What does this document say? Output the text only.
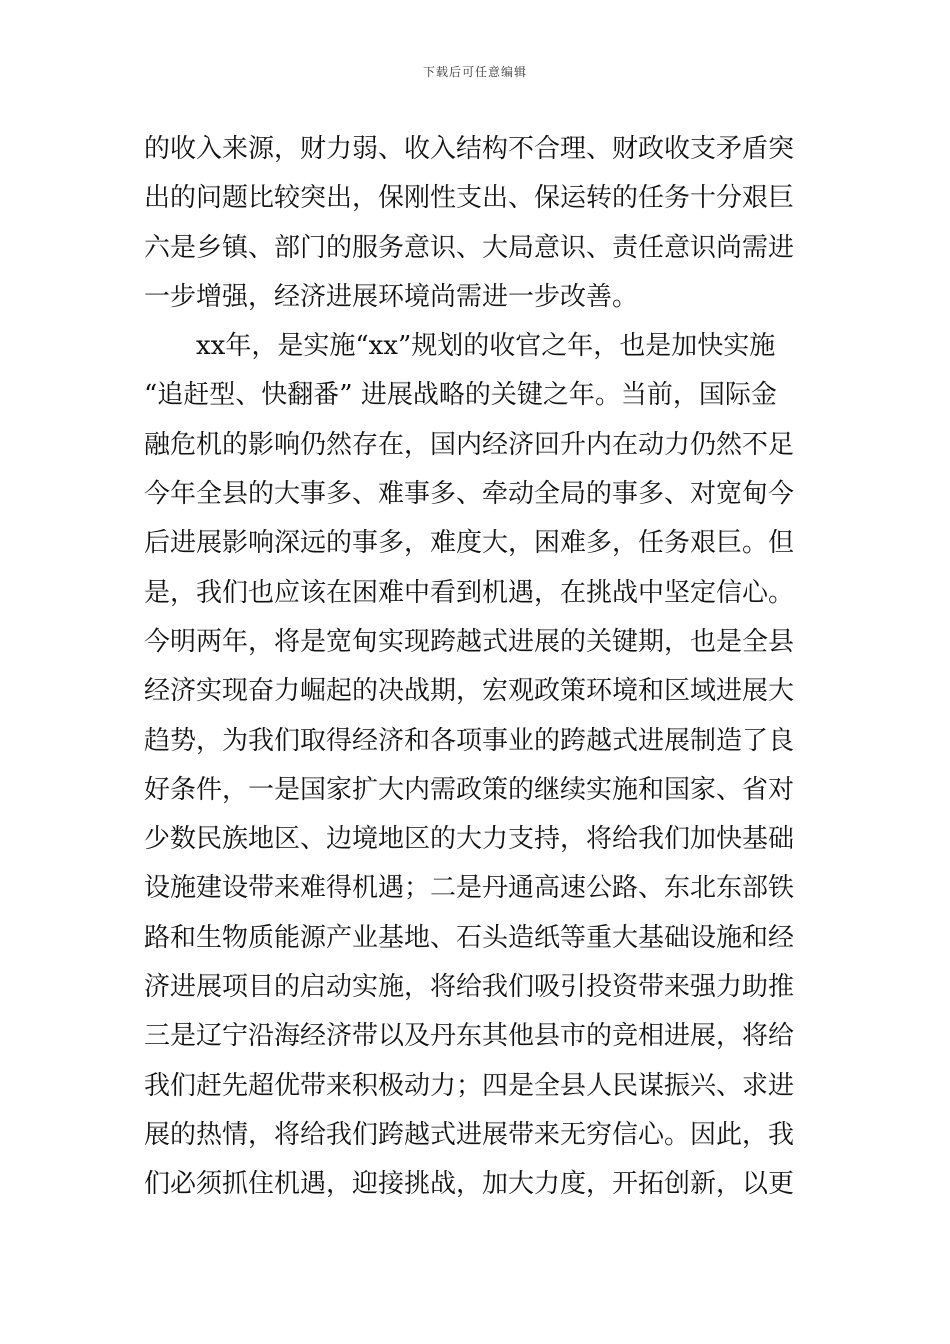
下载后可任意编辑
的收入来源，财力弱、收入结构不合理、财政收支矛盾突
出的问题比较突出，保刚性支出、保运转的任务十分艰巨
六是乡镇、部门的服务意识、大局意识、责任意识尚需进
一步增强，经济进展环境尚需进一步改善。
xx年，是实施“xx”规划的收官之年，也是加快实施
“追赶型、快翻番” 进展战略的关键之年。当前，国际金
融危机的影响仍然存在，国内经济回升内在动力仍然不足
今年全县的大事多、难事多、牵动全局的事多、对宽甸今
后进展影响深远的事多，难度大，困难多，任务艰巨。但
是，我们也应该在困难中看到机遇，在挑战中坚定信心。
今明两年，将是宽甸实现跨越式进展的关键期，也是全县
经济实现奋力崛起的决战期，宏观政策环境和区域进展大
趋势，为我们取得经济和各项事业的跨越式进展制造了良
好条件，一是国家扩大内需政策的继续实施和国家、省对
少数民族地区、边境地区的大力支持，将给我们加快基础
设施建设带来难得机遇；二是丹通高速公路、东北东部铁
路和生物质能源产业基地、石头造纸等重大基础设施和经
济进展项目的启动实施，将给我们吸引投资带来强力助推
三是辽宁沿海经济带以及丹东其他县市的竞相进展，将给
我们赶先超优带来积极动力；四是全县人民谋振兴、求进
展的热情，将给我们跨越式进展带来无穷信心。因此，我
们必须抓住机遇，迎接挑战，加大力度，开拓创新，以更
